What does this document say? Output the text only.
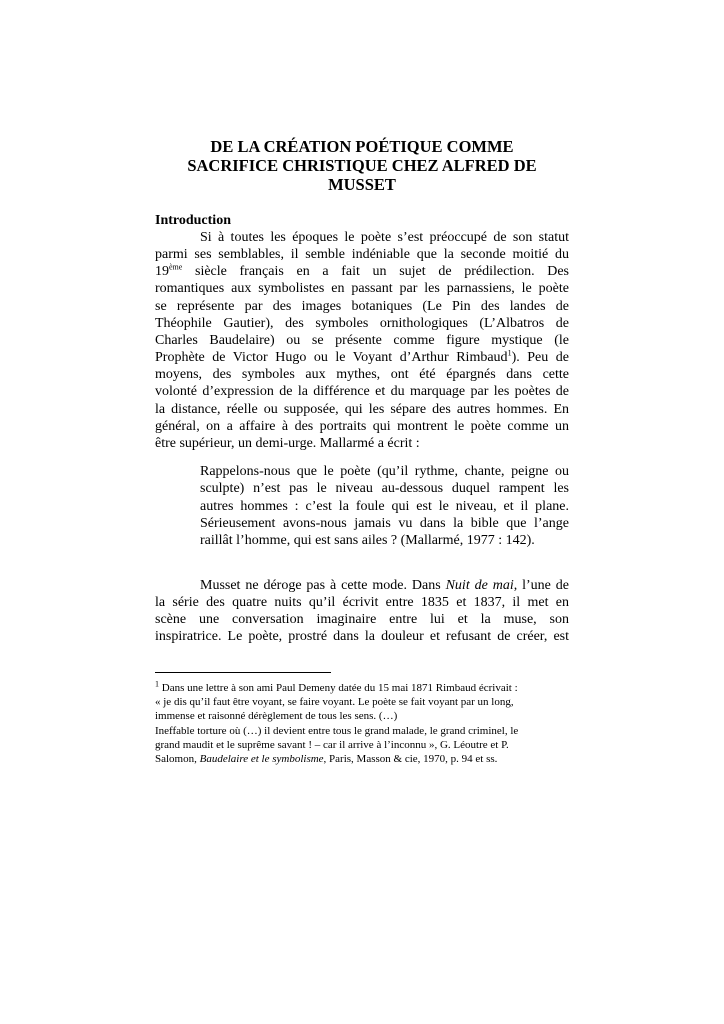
DE LA CRÉATION POÉTIQUE COMME
SACRIFICE CHRISTIQUE CHEZ ALFRED DE
MUSSET
Introduction
Si à toutes les époques le poète s’est préoccupé de son statut
parmi ses semblables, il semble indéniable que la seconde moitié du
19ème siècle français en a fait un sujet de prédilection. Des
romantiques aux symbolistes en passant par les parnassiens, le poète
se représente par des images botaniques (Le Pin des landes de
Théophile Gautier), des symboles ornithologiques (L’Albatros de
Charles Baudelaire) ou se présente comme figure mystique (le
Prophète de Victor Hugo ou le Voyant d’Arthur Rimbaud$^1$). Peu de
moyens, des symboles aux mythes, ont été épargnés dans cette
volonté d’expression de la différence et du marquage par les poètes de
la distance, réelle ou supposée, qui les sépare des autres hommes. En
général, on a affaire à des portraits qui montrent le poète comme un
être supérieur, un demi-urge. Mallarmé a écrit :
Rappelons-nous que le poète (qu’il rythme, chante, peigne ou
sculpte) n’est pas le niveau au-dessous duquel rampent les
autres hommes : c’est la foule qui est le niveau, et il plane.
Sérieusement avons-nous jamais vu dans la bible que l’ange
raillât l’homme, qui est sans ailes ? (Mallarmé, 1977 : 142).
Musset ne déroge pas à cette mode. Dans Nuit de mai, l’une de
la série des quatre nuits qu’il écrivit entre 1835 et 1837, il met en
scène une conversation imaginaire entre lui et la muse, son
inspiratrice. Le poète, prostré dans la douleur et refusant de créer, est
$^1$ Dans une lettre à son ami Paul Demeny datée du 15 mai 1871 Rimbaud écrivait :
« je dis qu’il faut être voyant, se faire voyant. Le poète se fait voyant par un long,
immense et raisonné dérèglement de tous les sens. (…)
Ineffable torture où (…) il devient entre tous le grand malade, le grand criminel, le
grand maudit et le suprême savant ! – car il arrive à l’inconnu », G. Léoutre et P.
Salomon, Baudelaire et le symbolisme, Paris, Masson & cie, 1970, p. 94 et ss.
